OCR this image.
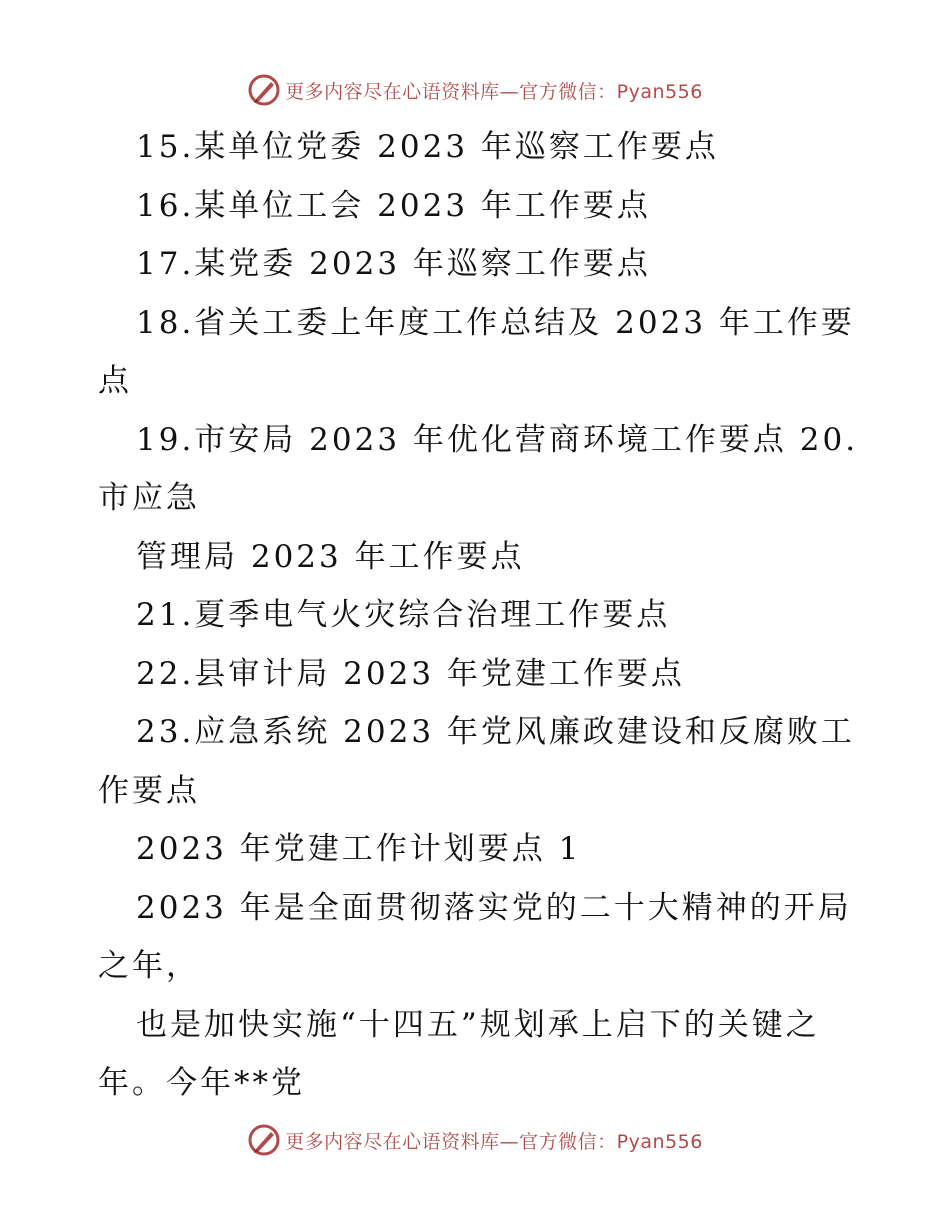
更多内容尽在心语资料库—官方微信：Pyan556
15.某单位党委 2023 年巡察工作要点
16.某单位工会 2023 年工作要点
17.某党委 2023 年巡察工作要点
18.省关工委上年度工作总结及 2023 年工作要
点
19.市安局 2023 年优化营商环境工作要点 20.
市应急
管理局 2023 年工作要点
21.夏季电气火灾综合治理工作要点
22.县审计局 2023 年党建工作要点
23.应急系统 2023 年党风廉政建设和反腐败工
作要点
2023 年党建工作计划要点 1
2023 年是全面贯彻落实党的二十大精神的开局
之年，
也是加快实施“十四五”规划承上启下的关键之
年。今年**党
更多内容尽在心语资料库—官方微信：Pyan556
